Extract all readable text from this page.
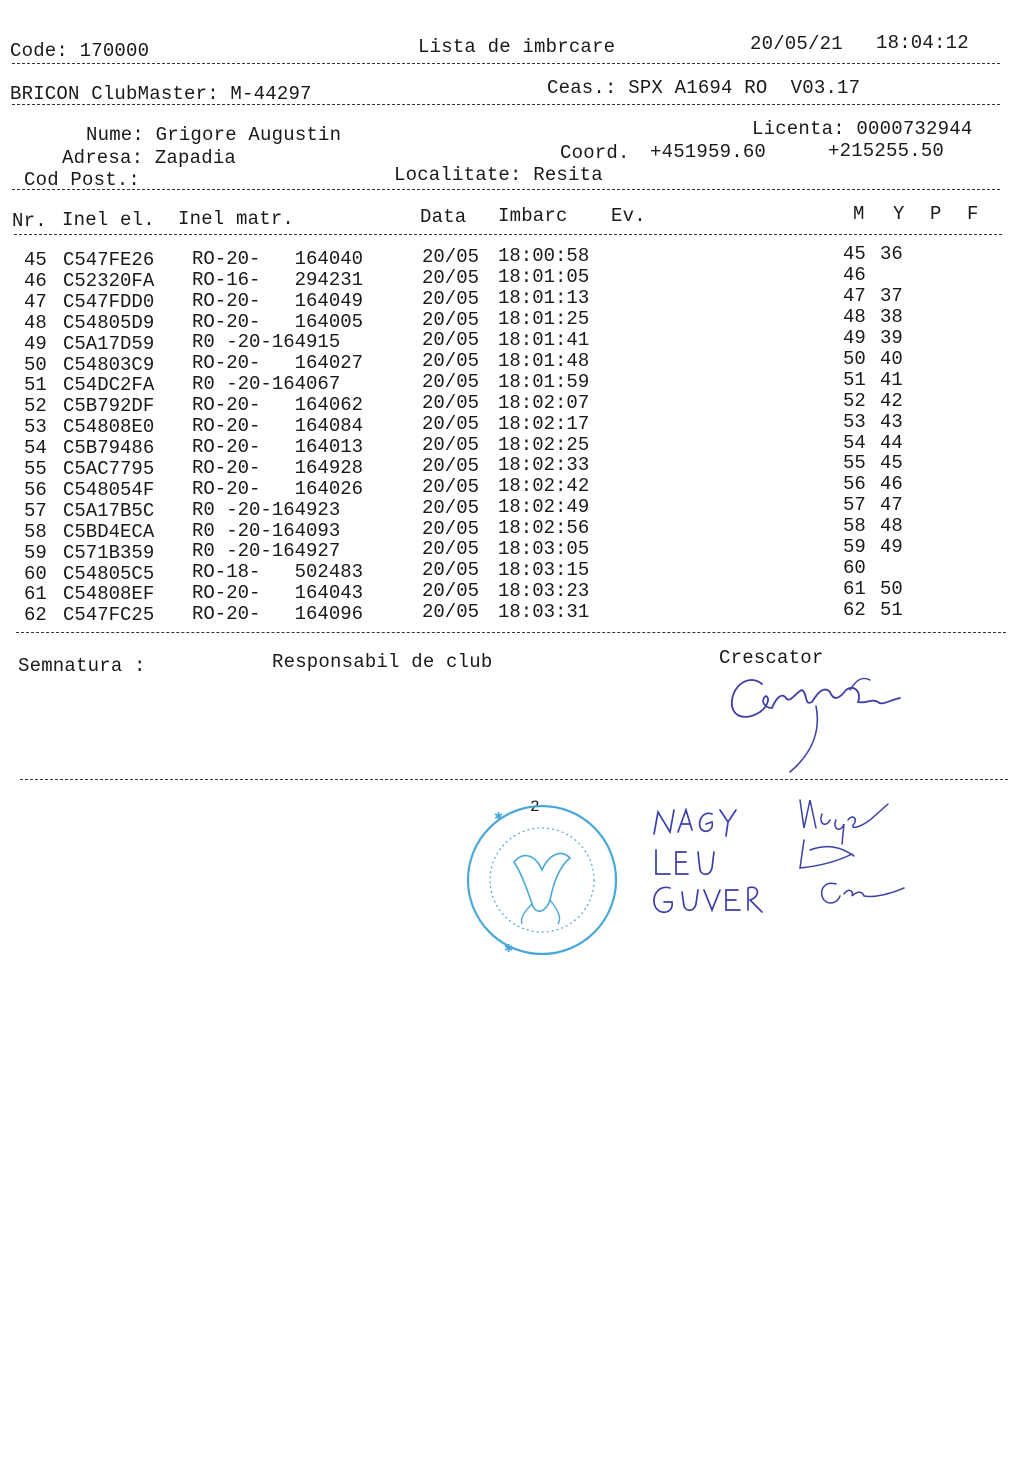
Code: 170000	Lista de imbrcare	20/05/21 18:04:12
BRICON ClubMaster: M-44297	Ceas.: SPX A1694 RO  V03.17
Nume: Grigore Augustin
Adresa: Zapadia
Cod Post.:
Licenta: 0000732944
Coord. +451959.60	+215255.50
Localitate: Resita
Nr. Inel el. Inel matr.	Data Imbarc Ev.	M Y P F
45 C547FE26 RO-20-   164040	20/05 18:00:58	45 36
46 C52320FA RO-16-   294231	20/05 18:01:05	46
47 C547FDD0 RO-20-   164049	20/05 18:01:13	47 37
48 C54805D9 RO-20-   164005	20/05 18:01:25	48 38
49 C5A17D59 R0 -20-164915	20/05 18:01:41	49 39
50 C54803C9 RO-20-   164027	20/05 18:01:48	50 40
51 C54DC2FA R0 -20-164067	20/05 18:01:59	51 41
52 C5B792DF RO-20-   164062	20/05 18:02:07	52 42
53 C54808E0 RO-20-   164084	20/05 18:02:17	53 43
54 C5B79486 RO-20-   164013	20/05 18:02:25	54 44
55 C5AC7795 RO-20-   164928	20/05 18:02:33	55 45
56 C548054F RO-20-   164026	20/05 18:02:42	56 46
57 C5A17B5C R0 -20-164923	20/05 18:02:49	57 47
58 C5BD4ECA R0 -20-164093	20/05 18:02:56	58 48
59 C571B359 R0 -20-164927	20/05 18:03:05	59 49
60 C54805C5 RO-18-   502483	20/05 18:03:15	60
61 C54808EF RO-20-   164043	20/05 18:03:23	61 50
62 C547FC25 RO-20-   164096	20/05 18:03:31	62 51
Semnatura :	Responsabil de club	Crescator
2
✱
✱
